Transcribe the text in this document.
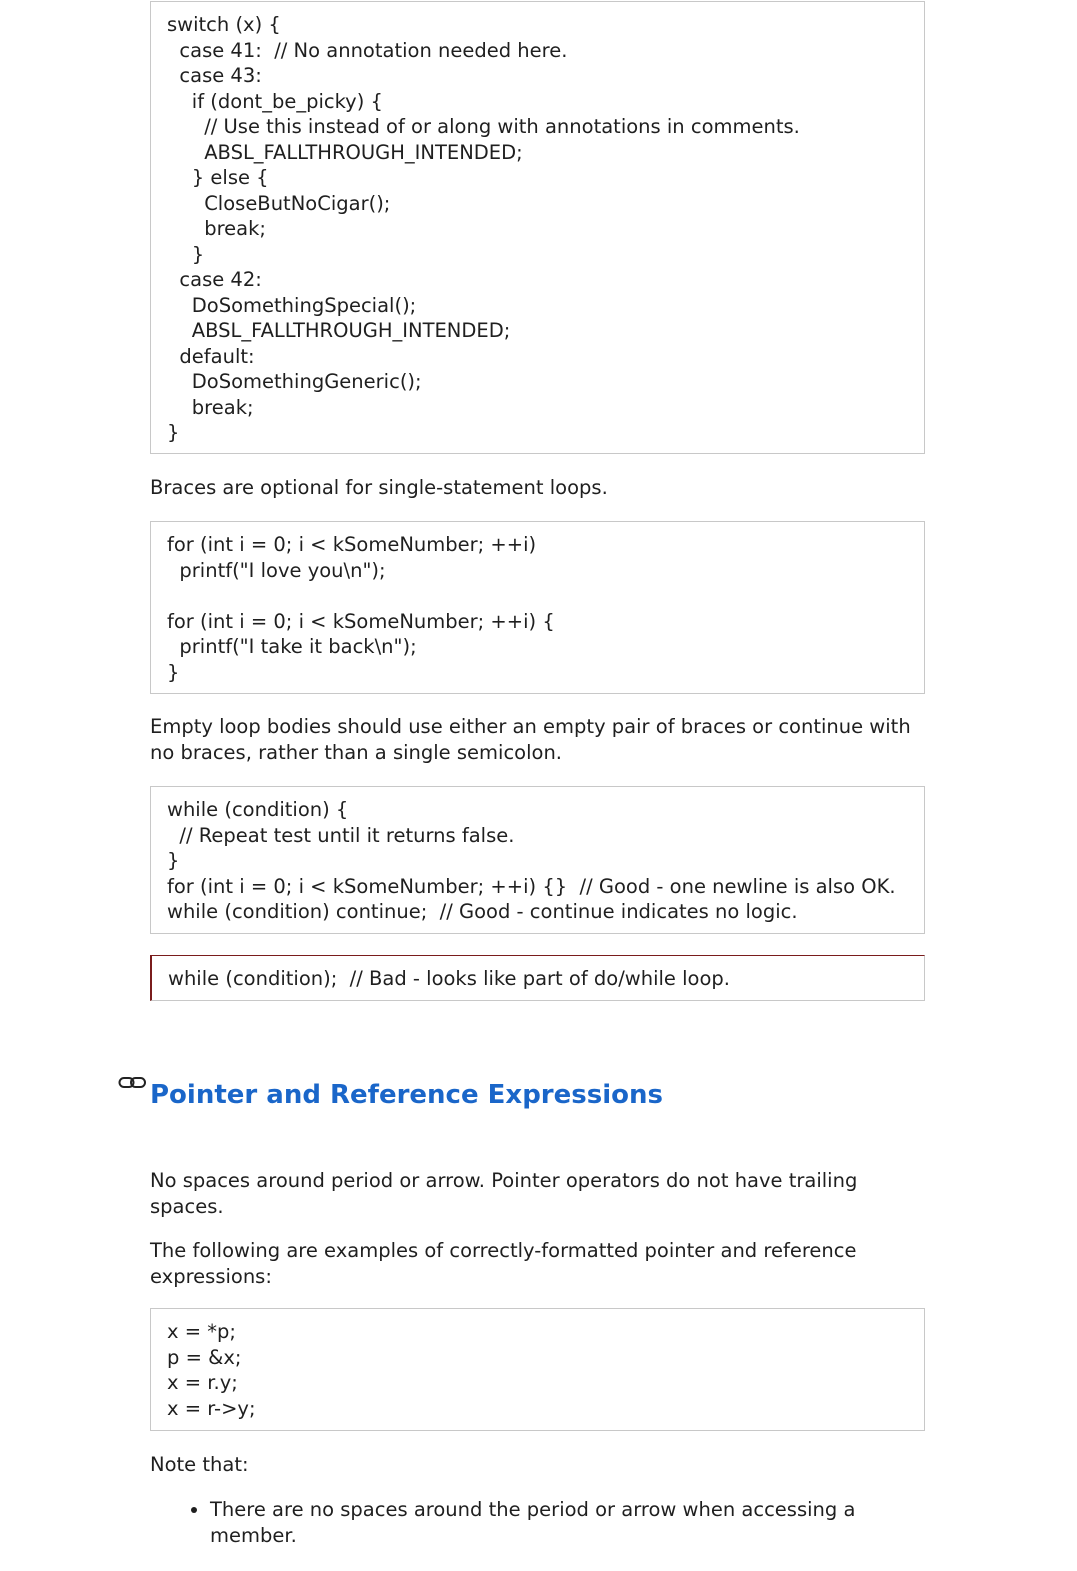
switch (x) {
case 41:  // No annotation needed here.
case 43:
if (dont_be_picky) {
// Use this instead of or along with annotations in comments.
ABSL_FALLTHROUGH_INTENDED;
} else {
CloseButNoCigar();
break;
}
case 42:
DoSomethingSpecial();
ABSL_FALLTHROUGH_INTENDED;
default:
DoSomethingGeneric();
break;
}

Braces are optional for single-statement loops.

for (int i = 0; i < kSomeNumber; ++i)
printf("I love you\n");

for (int i = 0; i < kSomeNumber; ++i) {
printf("I take it back\n");
}

Empty loop bodies should use either an empty pair of braces or continue with no braces, rather than a single semicolon.

while (condition) {
// Repeat test until it returns false.
}
for (int i = 0; i < kSomeNumber; ++i) {}  // Good - one newline is also OK.
while (condition) continue;  // Good - continue indicates no logic.
while (condition);  // Bad - looks like part of do/while loop.
Pointer and Reference Expressions

No spaces around period or arrow. Pointer operators do not have trailing spaces.

The following are examples of correctly-formatted pointer and reference expressions:

x = *p;
p = &x;
x = r.y;
x = r->y;

Note that:

• There are no spaces around the period or arrow when accessing a member.
